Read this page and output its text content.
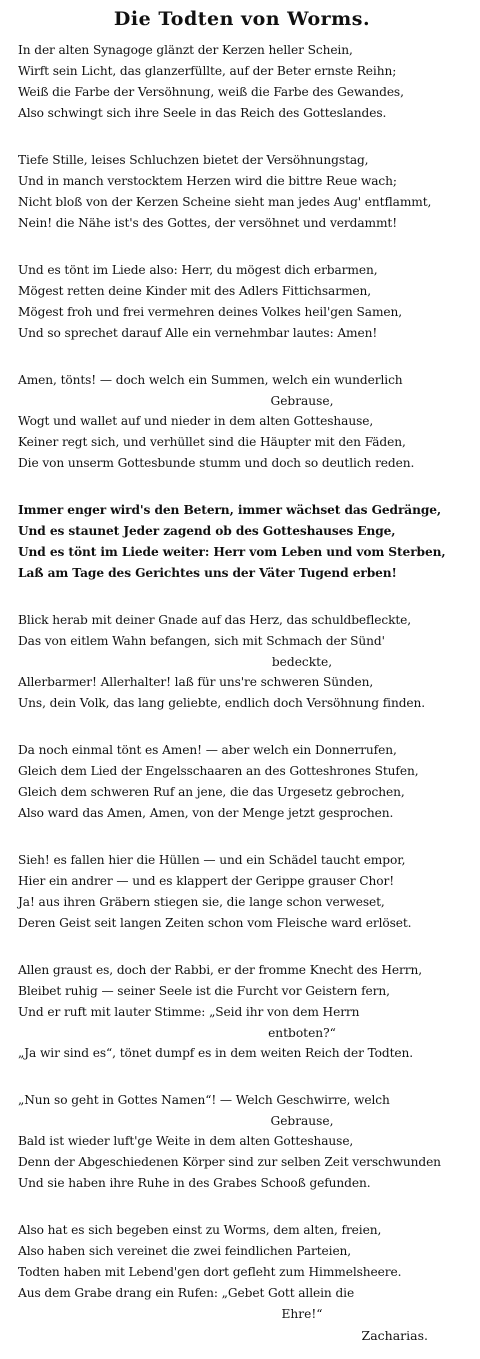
Die Todten von Worms.
In der alten Synagoge glänzt der Kerzen heller Schein,
Wirft sein Licht, das glanzerfüllte, auf der Beter ernste Reihn;
Weiß die Farbe der Versöhnung, weiß die Farbe des Gewandes,
Also schwingt sich ihre Seele in das Reich des Gotteslandes.
Tiefe Stille, leises Schluchzen bietet der Versöhnungstag,
Und in manch verstocktem Herzen wird die bittre Reue wach;
Nicht bloß von der Kerzen Scheine sieht man jedes Aug' entflammt,
Nein! die Nähe ist's des Gottes, der versöhnet und verdammt!
Und es tönt im Liede also: Herr, du mögest dich erbarmen,
Mögest retten deine Kinder mit des Adlers Fittichsarmen,
Mögest froh und frei vermehren deines Volkes heil'gen Samen,
Und so sprechet darauf Alle ein vernehmbar lautes: Amen!
Amen, tönts! — doch welch ein Summen, welch ein wunderlich
Gebrause,
Wogt und wallet auf und nieder in dem alten Gotteshause,
Keiner regt sich, und verhüllet sind die Häupter mit den Fäden,
Die von unserm Gottesbunde stumm und doch so deutlich reden.
Immer enger wird's den Betern, immer wächset das Gedränge,
Und es staunet Jeder zagend ob des Gotteshauses Enge,
Und es tönt im Liede weiter: Herr vom Leben und vom Sterben,
Laß am Tage des Gerichtes uns der Väter Tugend erben!
Blick herab mit deiner Gnade auf das Herz, das schuldbefleckte,
Das von eitlem Wahn befangen, sich mit Schmach der Sünd'
bedeckte,
Allerbarmer! Allerhalter! laß für uns're schweren Sünden,
Uns, dein Volk, das lang geliebte, endlich doch Versöhnung finden.
Da noch einmal tönt es Amen! — aber welch ein Donnerrufen,
Gleich dem Lied der Engelsschaaren an des Gotteshrones Stufen,
Gleich dem schweren Ruf an jene, die das Urgesetz gebrochen,
Also ward das Amen, Amen, von der Menge jetzt gesprochen.
Sieh! es fallen hier die Hüllen — und ein Schädel taucht empor,
Hier ein andrer — und es klappert der Gerippe grauser Chor!
Ja! aus ihren Gräbern stiegen sie, die lange schon verweset,
Deren Geist seit langen Zeiten schon vom Fleische ward erlöset.
Allen graust es, doch der Rabbi, er der fromme Knecht des Herrn,
Bleibet ruhig — seiner Seele ist die Furcht vor Geistern fern,
Und er ruft mit lauter Stimme: „Seid ihr von dem Herrn
entboten?“
„Ja wir sind es“, tönet dumpf es in dem weiten Reich der Todten.
„Nun so geht in Gottes Namen“! — Welch Geschwirre, welch
Gebrause,
Bald ist wieder luft'ge Weite in dem alten Gotteshause,
Denn der Abgeschiedenen Körper sind zur selben Zeit verschwunden
Und sie haben ihre Ruhe in des Grabes Schooß gefunden.
Also hat es sich begeben einst zu Worms, dem alten, freien,
Also haben sich vereinet die zwei feindlichen Parteien,
Todten haben mit Lebend'gen dort gefleht zum Himmelsheere.
Aus dem Grabe drang ein Rufen: „Gebet Gott allein die
Ehre!“
Zacharias.
